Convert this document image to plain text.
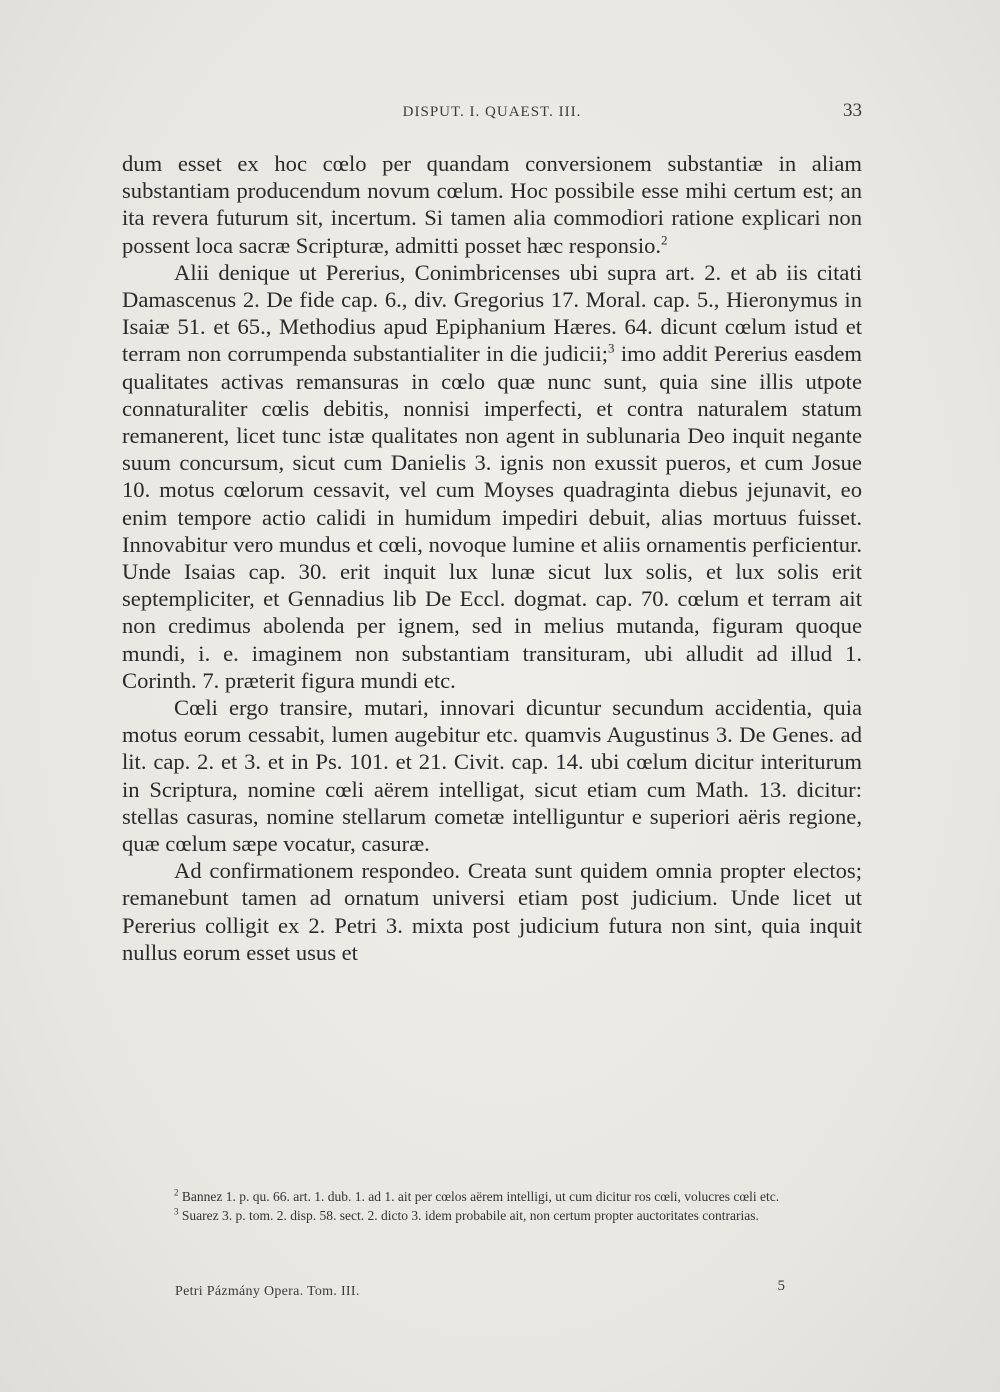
DISPUT. I. QUAEST. III.	33

dum esset ex hoc cœlo per quandam conversionem substantiæ in aliam substantiam producendum novum cœlum. Hoc possibile esse mihi certum est; an ita revera futurum sit, incertum. Si tamen alia commodiori ratione explicari non possent loca sacræ Scripturæ, admitti posset hæc responsio.$^2$

Alii denique ut Pererius, Conimbricenses ubi supra art. 2. et ab iis citati Damascenus 2. De fide cap. 6., div. Gregorius 17. Moral. cap. 5., Hieronymus in Isaiæ 51. et 65., Methodius apud Epiphanium Hæres. 64. dicunt cœlum istud et terram non corrumpenda substantialiter in die judicii;$^3$ imo addit Pererius easdem qualitates activas remansuras in cœlo quæ nunc sunt, quia sine illis utpote connaturaliter cœlis debitis, nonnisi imperfecti, et contra naturalem statum remanerent, licet tunc istæ qualitates non agent in sublunaria Deo inquit negante suum concursum, sicut cum Danielis 3. ignis non exussit pueros, et cum Josue 10. motus cœlorum cessavit, vel cum Moyses quadraginta diebus jejunavit, eo enim tempore actio calidi in humidum impediri debuit, alias mortuus fuisset. Innovabitur vero mundus et cœli, novoque lumine et aliis ornamentis perficientur. Unde Isaias cap. 30. erit inquit lux lunæ sicut lux solis, et lux solis erit septempliciter, et Gennadius lib De Eccl. dogmat. cap. 70. cœlum et terram ait non credimus abolenda per ignem, sed in melius mutanda, figuram quoque mundi, i. e. imaginem non substantiam transituram, ubi alludit ad illud 1. Corinth. 7. præterit figura mundi etc.

Cœli ergo transire, mutari, innovari dicuntur secundum accidentia, quia motus eorum cessabit, lumen augebitur etc. quamvis Augustinus 3. De Genes. ad lit. cap. 2. et 3. et in Ps. 101. et 21. Civit. cap. 14. ubi cœlum dicitur interiturum in Scriptura, nomine cœli aërem intelligat, sicut etiam cum Math. 13. dicitur: stellas casuras, nomine stellarum cometæ intelliguntur e superiori aëris regione, quæ cœlum sæpe vocatur, casuræ.

Ad confirmationem respondeo. Creata sunt quidem omnia propter electos; remanebunt tamen ad ornatum universi etiam post judicium. Unde licet ut Pererius colligit ex 2. Petri 3. mixta post judicium futura non sint, quia inquit nullus eorum esset usus et

$^2$ Bannez 1. p. qu. 66. art. 1. dub. 1. ad 1. ait per cœlos aërem intelligi, ut cum dicitur ros cœli, volucres cœli etc.

$^3$ Suarez 3. p. tom. 2. disp. 58. sect. 2. dicto 3. idem probabile ait, non certum propter auctoritates contrarias.

Petri Pázmány Opera. Tom. III.	5
